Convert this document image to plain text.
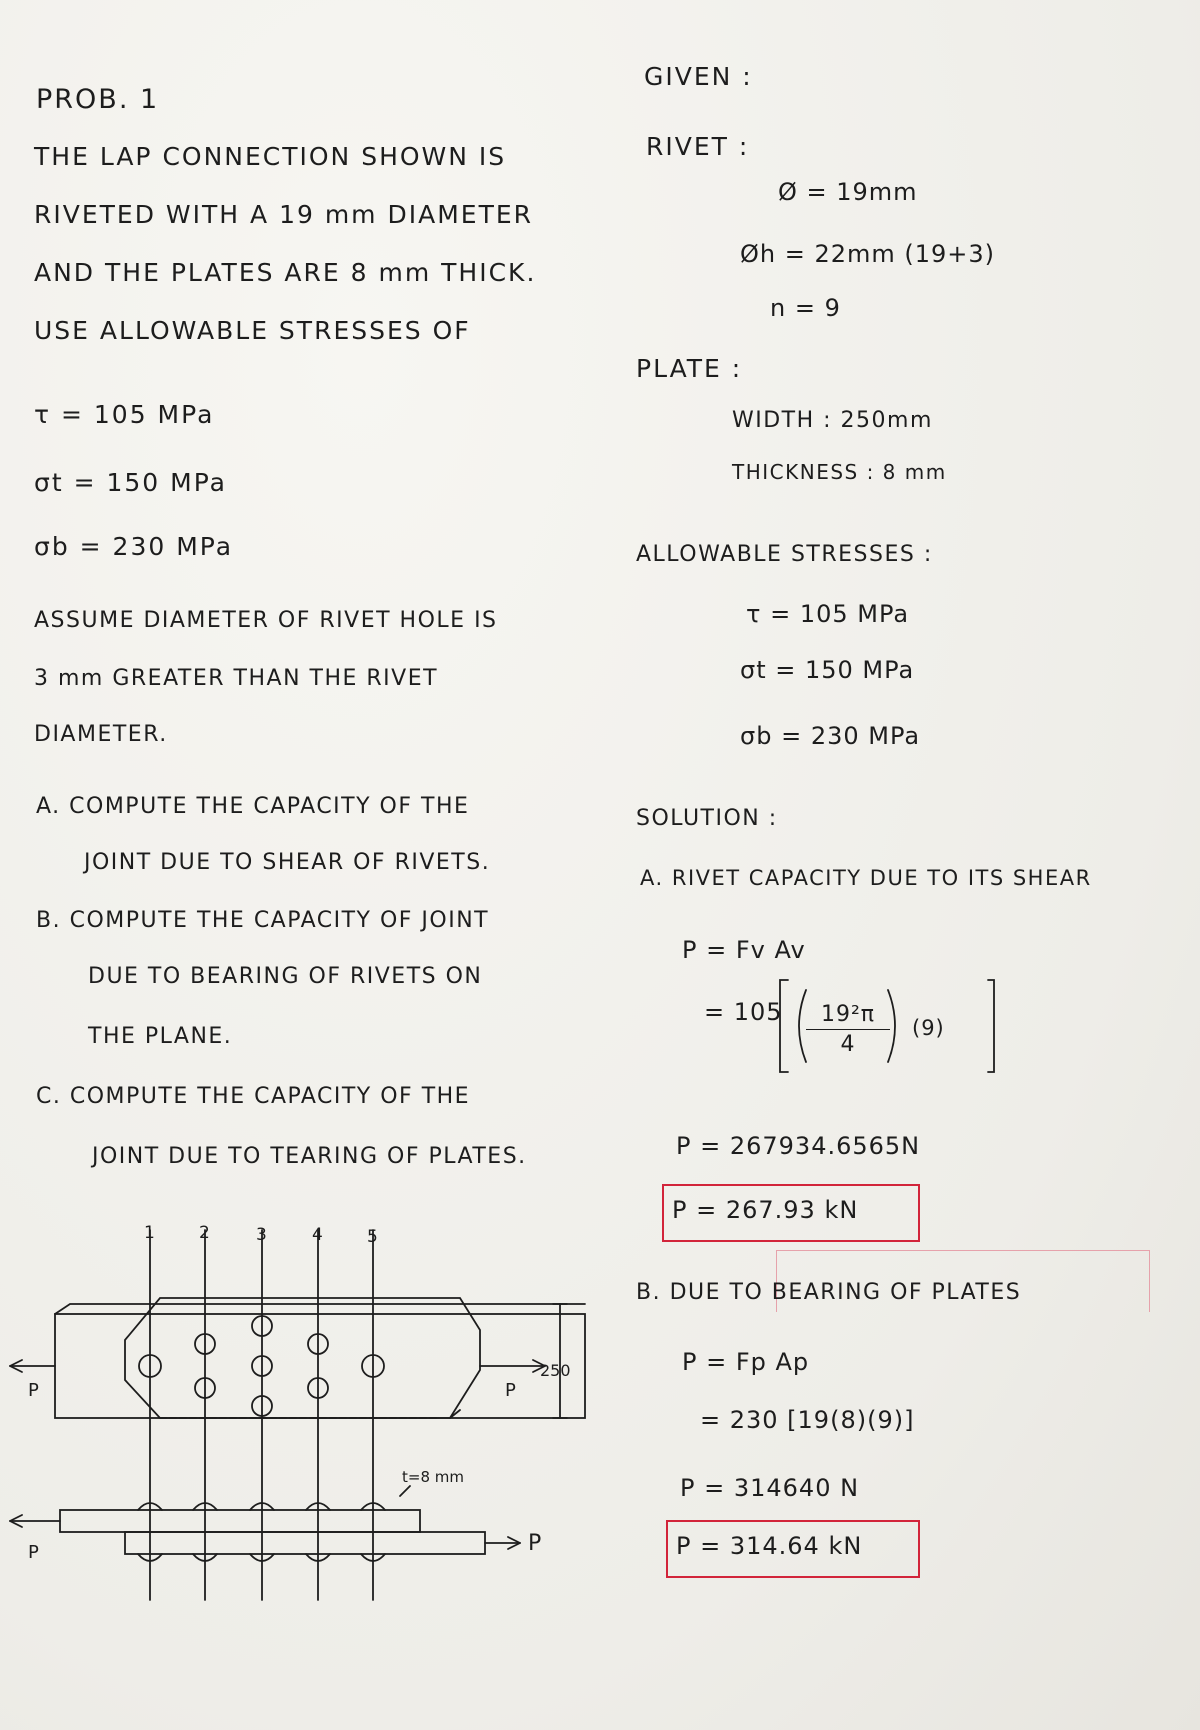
PROB. 1
THE LAP CONNECTION SHOWN IS
RIVETED WITH A 19 mm DIAMETER
AND THE PLATES ARE 8 mm THICK.
USE ALLOWABLE STRESSES OF
τ = 105 MPa
σt = 150 MPa
σb = 230 MPa
ASSUME DIAMETER OF RIVET HOLE IS
3 mm GREATER THAN THE RIVET
DIAMETER.
A. COMPUTE THE CAPACITY OF THE
JOINT DUE TO SHEAR OF RIVETS.
B. COMPUTE THE CAPACITY OF JOINT
DUE TO BEARING OF RIVETS ON
THE PLANE.
C. COMPUTE THE CAPACITY OF THE
JOINT DUE TO TEARING OF PLATES.
1	2	3	4	5
250
t=8 mm
P	P
P	P
GIVEN :
RIVET :
Ø = 19mm
Øh = 22mm (19+3)
n = 9
PLATE :
WIDTH : 250mm
THICKNESS : 8 mm
ALLOWABLE STRESSES :
τ = 105 MPa
σt = 150 MPa
σb = 230 MPa
SOLUTION :
A. RIVET CAPACITY DUE TO ITS SHEAR
P = Fv Av
= $105 \frac{\text{19²π}}{4} (9)$
P = 267934.6565N
P = 267.93 kN
B. DUE TO BEARING OF PLATES
P = Fp Ap
= 230 [19(8)(9)]
P = 314640 N
P = 314.64 kN
